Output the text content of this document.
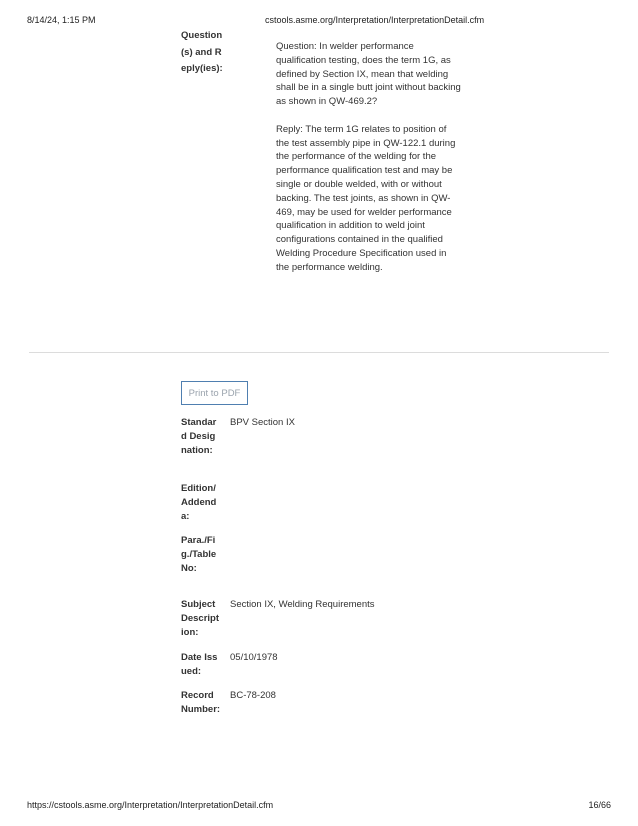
8/14/24, 1:15 PM	cstools.asme.org/Interpretation/InterpretationDetail.cfm
Question(s) and Reply(ies):

Question: In welder performance qualification testing, does the term 1G, as defined by Section IX, mean that welding shall be in a single butt joint without backing as shown in QW-469.2?

Reply: The term 1G relates to position of the test assembly pipe in QW-122.1 during the performance of the welding for the performance qualification test and may be single or double welded, with or without backing. The test joints, as shown in QW-469, may be used for welder performance qualification in addition to weld joint configurations contained in the qualified Welding Procedure Specification used in the performance welding.

Print to PDF
Standard Designation:
BPV Section IX
Edition/Addenda:
Para./Fig./Table No:
Subject Description:
Section IX, Welding Requirements
Date Issued:
05/10/1978
Record Number:
BC-78-208
https://cstools.asme.org/Interpretation/InterpretationDetail.cfm	16/66
